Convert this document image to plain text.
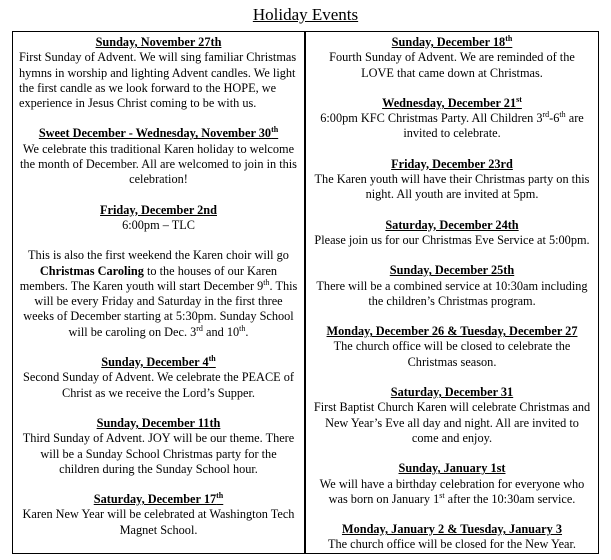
Holiday Events
Sunday, November 27th
First Sunday of Advent. We will sing familiar Christmas hymns in worship and lighting Advent candles. We light the first candle as we look forward to the HOPE, we experience in Jesus Christ coming to be with us.
Sweet December - Wednesday, November 30th
We celebrate this traditional Karen holiday to welcome the month of December. All are welcomed to join in this celebration!
Friday, December 2nd
6:00pm – TLC
This is also the first weekend the Karen choir will go Christmas Caroling to the houses of our Karen members. The Karen youth will start December 9th. This will be every Friday and Saturday in the first three weeks of December starting at 5:30pm. Sunday School will be caroling on Dec. 3rd and 10th.
Sunday, December 4th
Second Sunday of Advent. We celebrate the PEACE of Christ as we receive the Lord’s Supper.
Sunday, December 11th
Third Sunday of Advent. JOY will be our theme. There will be a Sunday School Christmas party for the children during the Sunday School hour.
Saturday, December 17th
Karen New Year will be celebrated at Washington Tech Magnet School.
Sunday, December 18th
Fourth Sunday of Advent. We are reminded of the LOVE that came down at Christmas.
Wednesday, December 21st
6:00pm KFC Christmas Party. All Children 3rd-6th are invited to celebrate.
Friday, December 23rd
The Karen youth will have their Christmas party on this night. All youth are invited at 5pm.
Saturday, December 24th
Please join us for our Christmas Eve Service at 5:00pm.
Sunday, December 25th
There will be a combined service at 10:30am including the children’s Christmas program.
Monday, December 26 & Tuesday, December 27
The church office will be closed to celebrate the Christmas season.
Saturday, December 31
First Baptist Church Karen will celebrate Christmas and New Year’s Eve all day and night. All are invited to come and enjoy.
Sunday, January 1st
We will have a birthday celebration for everyone who was born on January 1st after the 10:30am service.
Monday, January 2 & Tuesday, January 3
The church office will be closed for the New Year.
